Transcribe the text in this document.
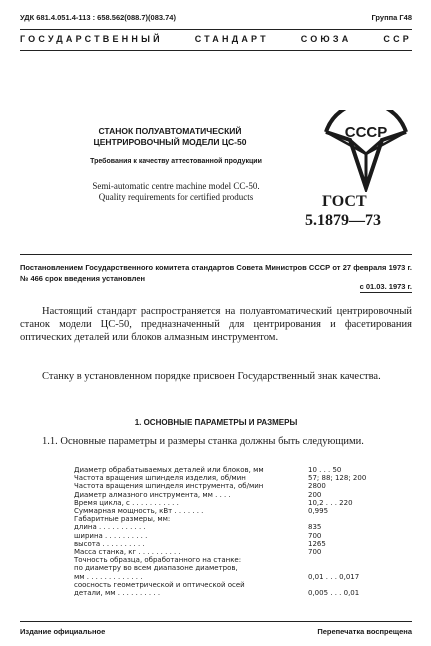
УДК 681.4.051.4-113 : 658.562(088.7)(083.74)	Группа Г48
ГОСУДАРСТВЕННЫЙ СТАНДАРТ СОЮЗА ССР
СТАНОК ПОЛУАВТОМАТИЧЕСКИЙ
ЦЕНТРИРОВОЧНЫЙ МОДЕЛИ ЦС-50
Требования к качеству аттестованной продукции
Semi-automatic centre machine model CC-50.
Quality requirements for certified products
СССР
ГОСТ
5.1879—73
Постановлением Государственного комитета стандартов Совета Министров СССР от 27 февраля 1973 г. № 466 срок введения установлен
с 01.03. 1973 г.
Настоящий стандарт распространяется на полуавтоматический центрировочный станок модели ЦС-50, предназначенный для центрирования и фасетирования оптических деталей или блоков алмазным инструментом.
Станку в установленном порядке присвоен Государственный знак качества.
1. ОСНОВНЫЕ ПАРАМЕТРЫ И РАЗМЕРЫ
1.1. Основные параметры и размеры станка должны быть следующими.
Диаметр обрабатываемых деталей или блоков, мм	10 . . . 50
Частота вращения шпинделя изделия, об/мин	57; 88; 128; 200
Частота вращения шпинделя инструмента, об/мин	2800
Диаметр алмазного инструмента, мм . . . .	200
Время цикла, с . . . . . . . . . . .	10,2 . . . 220
Суммарная мощность, кВт . . . . . . .	0,995
Габаритные размеры, мм:
длина . . . . . . . . . . .	835
ширина . . . . . . . . . .	700
высота . . . . . . . . . .	1265
Масса станка, кг . . . . . . . . . .	700
Точность образца, обработанного на станке:
по диаметру во всем диапазоне диаметров,
мм . . . . . . . . . . . . .	0,01 . . . 0,017
соосность геометрической и оптической осей
детали, мм . . . . . . . . . .	0,005 . . . 0,01
Издание официальное	Перепечатка воспрещена
